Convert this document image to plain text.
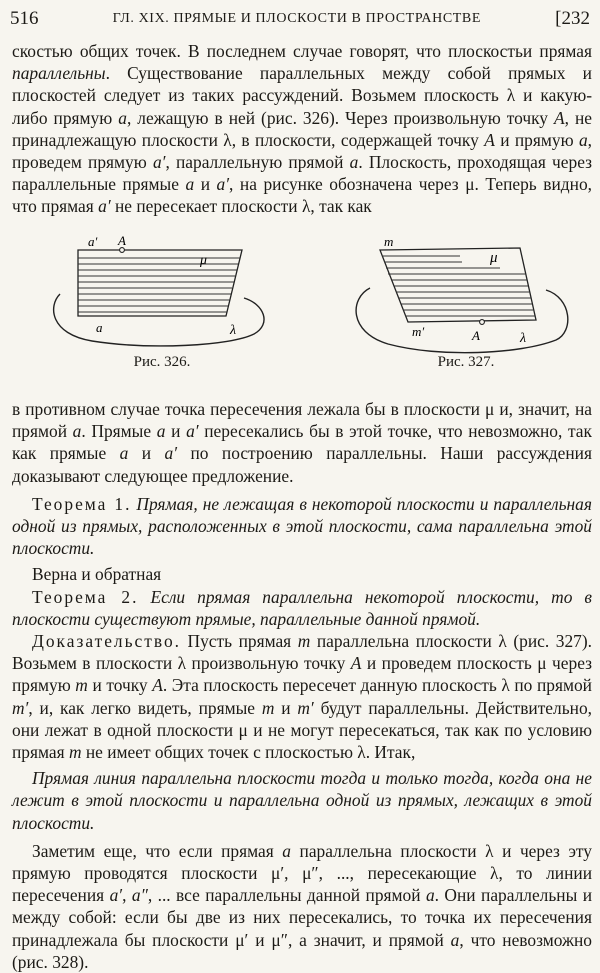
516	ГЛ. XIX. ПРЯМЫЕ И ПЛОСКОСТИ В ПРОСТРАНСТВЕ	[232

скостью общих точек. В последнем случае говорят, что плоскостьи прямая параллельны. Существование параллельных между собой прямых и плоскостей следует из таких рассуждений. Возьмем плоскость λ и какую-либо прямую a, лежащую в ней (рис. 326). Через произвольную точку A, не принадлежащую плоскости λ, в плоскости, содержащей точку A и прямую a, проведем прямую a′, параллельную прямой a. Плоскость, проходящая через параллельные прямые a и a′, на рисунке обозначена через μ. Теперь видно, что прямая a′ не пересекает плоскости λ, так как

a′ A
μ
a	λ
Рис. 326.
m
μ
m′	A	λ
Рис. 327.

в противном случае точка пересечения лежала бы в плоскости μ и, значит, на прямой a. Прямые a и a′ пересекались бы в этой точке, что невозможно, так как прямые a и a′ по построению параллельны. Наши рассуждения доказывают следующее предложение.

Теорема 1. Прямая, не лежащая в некоторой плоскости и параллельная одной из прямых, расположенных в этой плоскости, сама параллельна этой плоскости.

Верна и обратная

Теорема 2. Если прямая параллельна некоторой плоскости, то в плоскости существуют прямые, параллельные данной прямой.

Доказательство. Пусть прямая m параллельна плоскости λ (рис. 327). Возьмем в плоскости λ произвольную точку A и проведем плоскость μ через прямую m и точку A. Эта плоскость пересечет данную плоскость λ по прямой m′, и, как легко видеть, прямые m и m′ будут параллельны. Действительно, они лежат в одной плоскости μ и не могут пересекаться, так как по условию прямая m не имеет общих точек с плоскостью λ. Итак,

Прямая линия параллельна плоскости тогда и только тогда, когда она не лежит в этой плоскости и параллельна одной из прямых, лежащих в этой плоскости.

Заметим еще, что если прямая a параллельна плоскости λ и через эту прямую проводятся плоскости μ′, μ″, ..., пересекающие λ, то линии пересечения a′, a″, ... все параллельны данной прямой a. Они параллельны и между собой: если бы две из них пересекались, то точка их пересечения принадлежала бы плоскости μ′ и μ″, а значит, и прямой a, что невозможно (рис. 328).
